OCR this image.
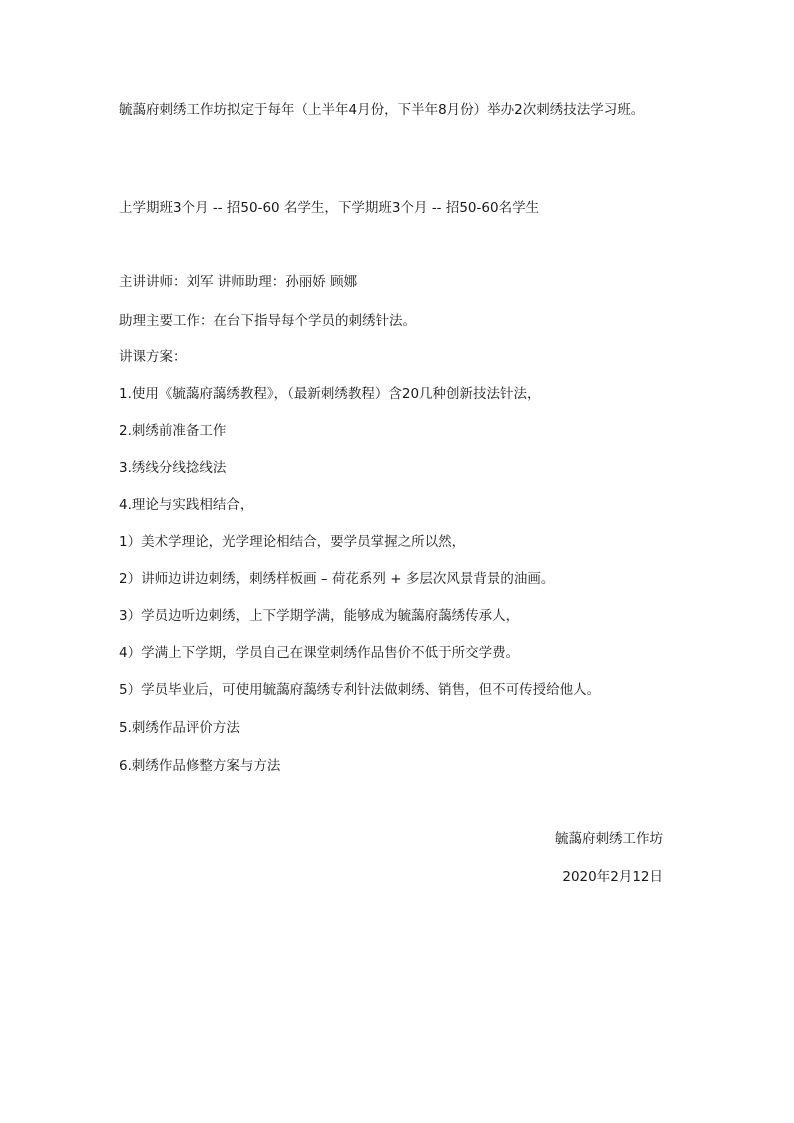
毓藹府刺绣工作坊拟定于每年（上半年4月份，下半年8月份）举办2次刺绣技法学习班。
上学期班3个月 -- 招50-60 名学生，下学期班3个月 -- 招50-60名学生
主讲讲师：刘军 讲师助理：孙丽娇 顾娜
助理主要工作：在台下指导每个学员的刺绣针法。
讲课方案：
1.使用《毓藹府藹绣教程》，（最新刺绣教程）含20几种创新技法针法，
2.刺绣前准备工作
3.绣线分线捻线法
4.理论与实践相结合，
1）美术学理论，光学理论相结合，要学员掌握之所以然，
2）讲师边讲边刺绣，刺绣样板画 – 荷花系列 + 多层次风景背景的油画。
3）学员边听边刺绣，上下学期学满，能够成为毓藹府藹绣传承人，
4）学满上下学期，学员自己在课堂刺绣作品售价不低于所交学费。
5）学员毕业后，可使用毓藹府藹绣专利针法做刺绣、销售，但不可传授给他人。
5.刺绣作品评价方法
6.刺绣作品修整方案与方法
毓藹府刺绣工作坊
2020年2月12日
